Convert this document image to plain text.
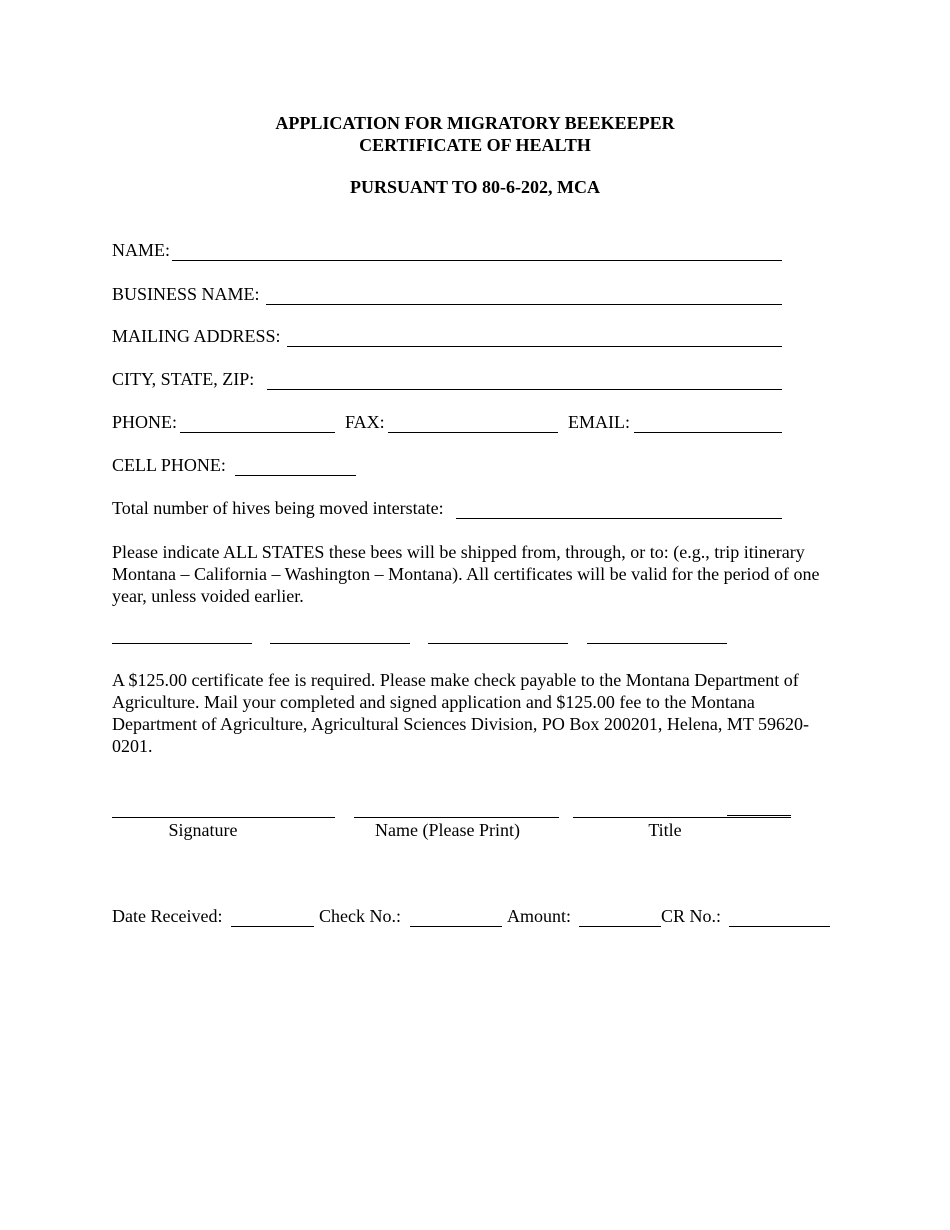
APPLICATION FOR MIGRATORY BEEKEEPER
CERTIFICATE OF HEALTH
PURSUANT TO 80-6-202, MCA
NAME:
BUSINESS NAME:
MAILING ADDRESS:
CITY, STATE, ZIP:
PHONE:	FAX:	EMAIL:
CELL PHONE:
Total number of hives being moved interstate:
Please indicate ALL STATES these bees will be shipped from, through, or to: (e.g., trip itinerary Montana – California – Washington – Montana). All certificates will be valid for the period of one year, unless voided earlier.
A $125.00 certificate fee is required. Please make check payable to the Montana Department of Agriculture. Mail your completed and signed application and $125.00 fee to the Montana Department of Agriculture, Agricultural Sciences Division, PO Box 200201, Helena, MT 59620-0201.
Signature	Name (Please Print)	Title
Date Received:	Check No.:	Amount:	CR No.:
